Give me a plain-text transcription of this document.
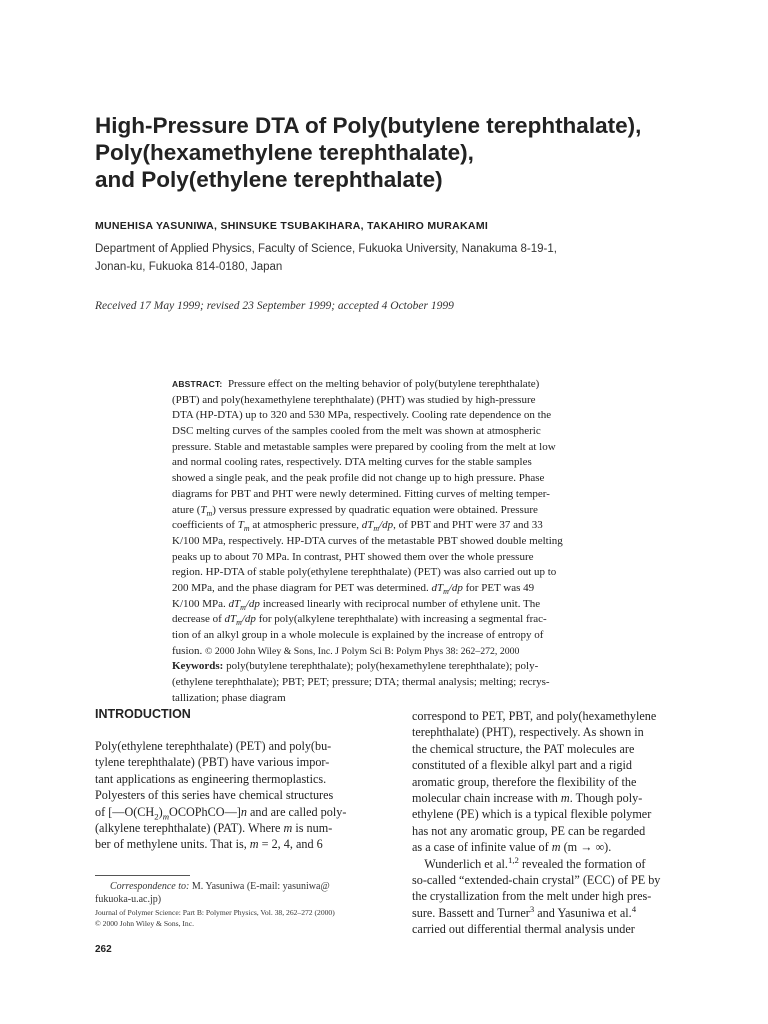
High-Pressure DTA of Poly(butylene terephthalate),
Poly(hexamethylene terephthalate),
and Poly(ethylene terephthalate)
MUNEHISA YASUNIWA, SHINSUKE TSUBAKIHARA, TAKAHIRO MURAKAMI
Department of Applied Physics, Faculty of Science, Fukuoka University, Nanakuma 8-19-1,
Jonan-ku, Fukuoka 814-0180, Japan
Received 17 May 1999; revised 23 September 1999; accepted 4 October 1999
ABSTRACT: Pressure effect on the melting behavior of poly(butylene terephthalate)
(PBT) and poly(hexamethylene terephthalate) (PHT) was studied by high-pressure
DTA (HP-DTA) up to 320 and 530 MPa, respectively. Cooling rate dependence on the
DSC melting curves of the samples cooled from the melt was shown at atmospheric
pressure. Stable and metastable samples were prepared by cooling from the melt at low
and normal cooling rates, respectively. DTA melting curves for the stable samples
showed a single peak, and the peak profile did not change up to high pressure. Phase
diagrams for PBT and PHT were newly determined. Fitting curves of melting temper-
ature $(T_m)$ versus pressure expressed by quadratic equation were obtained. Pressure
coefficients of $T_m$ at atmospheric pressure, $dT_m/dp$, of PBT and PHT were 37 and 33
K/100 MPa, respectively. HP-DTA curves of the metastable PBT showed double melting
peaks up to about 70 MPa. In contrast, PHT showed them over the whole pressure
region. HP-DTA of stable poly(ethylene terephthalate) (PET) was also carried out up to
200 MPa, and the phase diagram for PET was determined. $dT_m/dp$ for PET was 49
K/100 MPa. $dT_m/dp$ increased linearly with reciprocal number of ethylene unit. The
decrease of $dT_m/dp$ for poly(alkylene terephthalate) with increasing a segmental frac-
tion of an alkyl group in a whole molecule is explained by the increase of entropy of
fusion. © 2000 John Wiley & Sons, Inc. J Polym Sci B: Polym Phys 38: 262–272, 2000
Keywords: poly(butylene terephthalate); poly(hexamethylene terephthalate); poly-
(ethylene terephthalate); PBT; PET; pressure; DTA; thermal analysis; melting; recrys-
tallization; phase diagram
INTRODUCTION
Poly(ethylene terephthalate) (PET) and poly(bu-
tylene terephthalate) (PBT) have various impor-
tant applications as engineering thermoplastics.
Polyesters of this series have chemical structures
of $[—O(CH_2)_mOCOPhCO—]n$ and are called poly-
(alkylene terephthalate) (PAT). Where m is num-
ber of methylene units. That is, m = 2, 4, and 6
correspond to PET, PBT, and poly(hexamethylene
terephthalate) (PHT), respectively. As shown in
the chemical structure, the PAT molecules are
constituted of a flexible alkyl part and a rigid
aromatic group, therefore the flexibility of the
molecular chain increase with m. Though poly-
ethylene (PE) which is a typical flexible polymer
has not any aromatic group, PE can be regarded
as a case of infinite value of m (m → ∞).
Wunderlich et al.$^{1,2}$ revealed the formation of
so-called “extended-chain crystal” (ECC) of PE by
the crystallization from the melt under high pres-
sure. Bassett and Turner$^3$ and Yasuniwa et al.$^4$
carried out differential thermal analysis under
Correspondence to: M. Yasuniwa (E-mail: yasuniwa@
fukuoka-u.ac.jp)
Journal of Polymer Science: Part B: Polymer Physics, Vol. 38, 262–272 (2000)
© 2000 John Wiley & Sons, Inc.
262
